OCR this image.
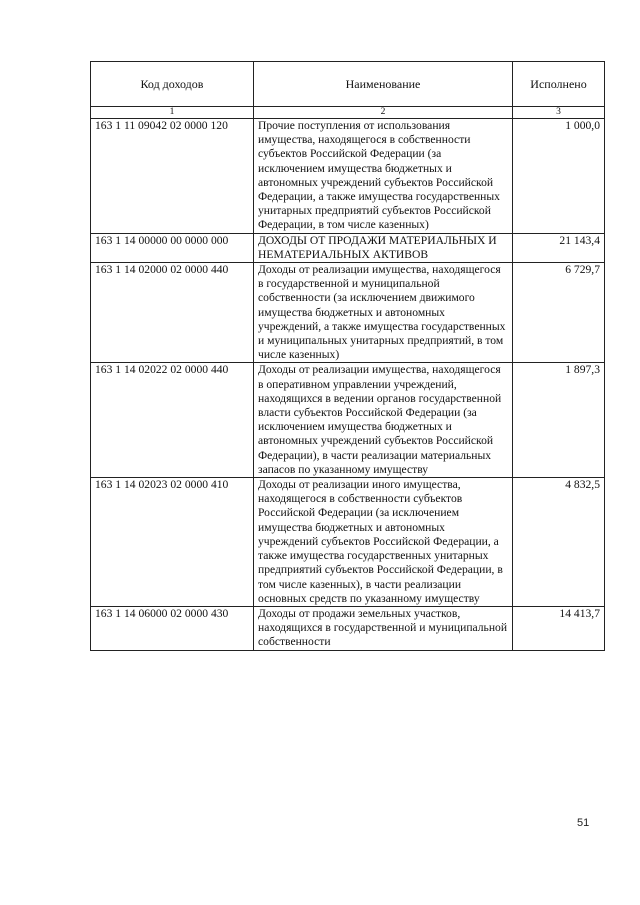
Код доходов	Наименование	Исполнено
1	2	3
163 1 11 09042 02 0000 120	Прочие поступления от использования имущества, находящегося в собственности субъектов Российской Федерации (за исключением имущества бюджетных и автономных учреждений субъектов Российской Федерации, а также имущества государственных унитарных предприятий субъектов Российской Федерации, в том числе казенных)	1 000,0
163 1 14 00000 00 0000 000	ДОХОДЫ ОТ ПРОДАЖИ МАТЕРИАЛЬНЫХ И НЕМАТЕРИАЛЬНЫХ АКТИВОВ	21 143,4
163 1 14 02000 02 0000 440	Доходы от реализации имущества, находящегося в государственной и муниципальной собственности (за исключением движимого имущества бюджетных и автономных учреждений, а также имущества государственных и муниципальных унитарных предприятий, в том числе казенных)	6 729,7
163 1 14 02022 02 0000 440	Доходы от реализации имущества, находящегося в оперативном управлении учреждений, находящихся в ведении органов государственной власти субъектов Российской Федерации (за исключением имущества бюджетных и автономных учреждений субъектов Российской Федерации), в части реализации материальных запасов по указанному имуществу	1 897,3
163 1 14 02023 02 0000 410	Доходы от реализации иного имущества, находящегося в собственности субъектов Российской Федерации (за исключением имущества бюджетных и автономных учреждений субъектов Российской Федерации, а также имущества государственных унитарных предприятий субъектов Российской Федерации, в том числе казенных), в части реализации основных средств по указанному имуществу	4 832,5
163 1 14 06000 02 0000 430	Доходы от продажи земельных участков, находящихся в государственной и муниципальной собственности	14 413,7
51
